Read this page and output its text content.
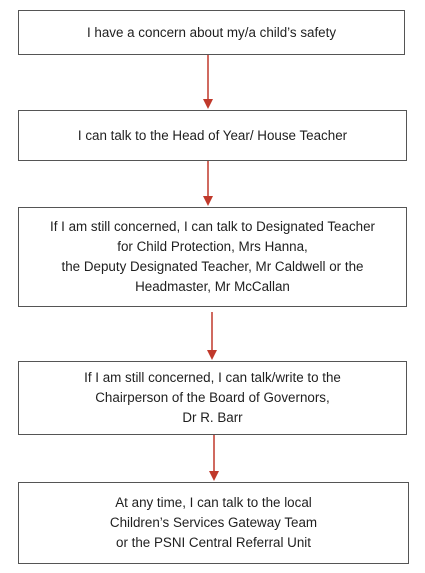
I have a concern about my/a child’s safety
I can talk to the Head of Year/ House Teacher
If I am still concerned, I can talk to Designated Teacher
for Child Protection, Mrs Hanna,
the Deputy Designated Teacher, Mr Caldwell or the
Headmaster, Mr McCallan
If I am still concerned, I can talk/write to the
Chairperson of the Board of Governors,
Dr R. Barr
At any time, I can talk to the local
Children’s Services Gateway Team
or the PSNI Central Referral Unit
